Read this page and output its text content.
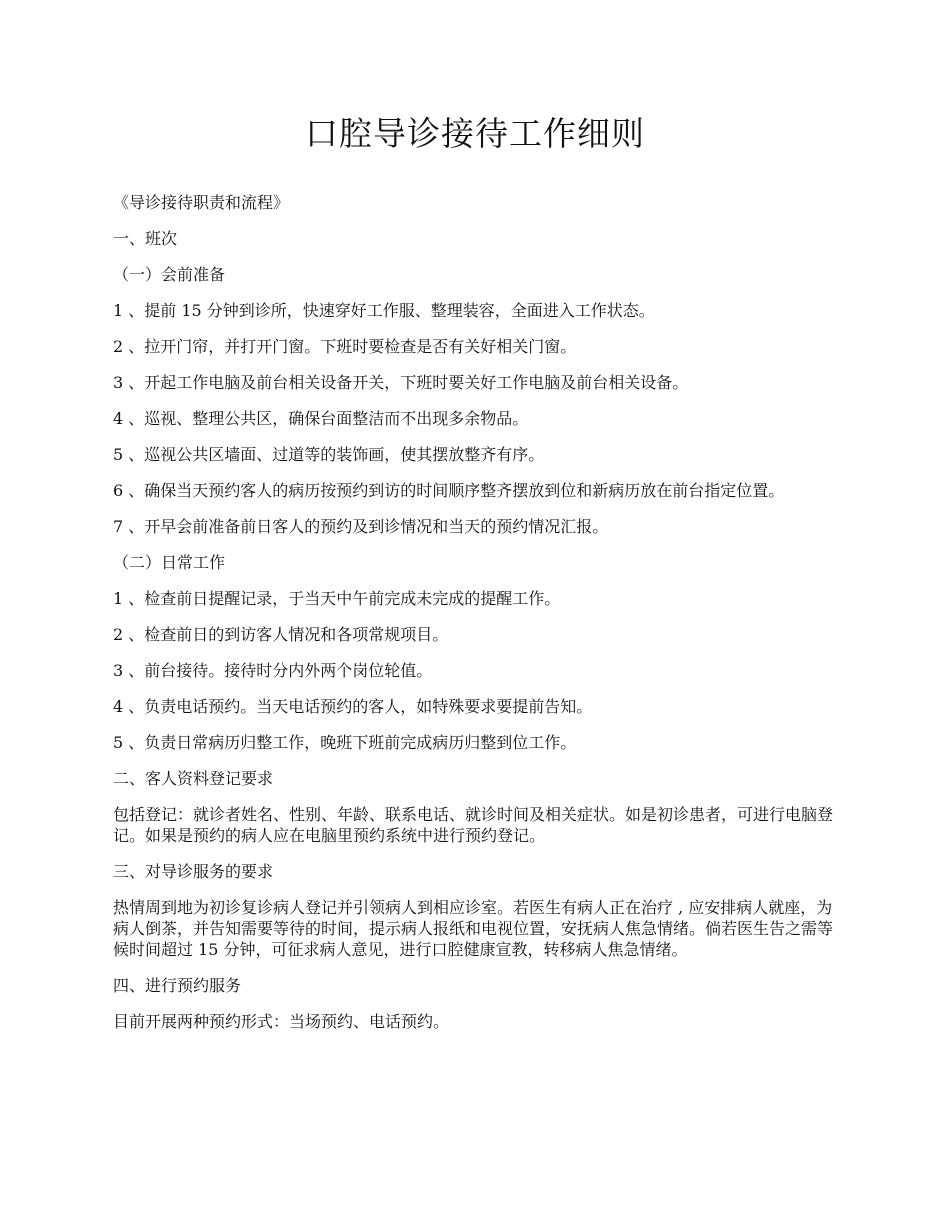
口腔导诊接待工作细则

《导诊接待职责和流程》

一、班次

（一）会前准备

1 、提前 15 分钟到诊所，快速穿好工作服、整理装容，全面进入工作状态。

2 、拉开门帘，并打开门窗。下班时要检查是否有关好相关门窗。

3 、开起工作电脑及前台相关设备开关，下班时要关好工作电脑及前台相关设备。

4 、巡视、整理公共区，确保台面整洁而不出现多余物品。

5 、巡视公共区墙面、过道等的装饰画，使其摆放整齐有序。

6 、确保当天预约客人的病历按预约到访的时间顺序整齐摆放到位和新病历放在前台指定位置。

7 、开早会前准备前日客人的预约及到诊情况和当天的预约情况汇报。

（二）日常工作

1 、检查前日提醒记录，于当天中午前完成未完成的提醒工作。

2 、检查前日的到访客人情况和各项常规项目。

3 、前台接待。接待时分内外两个岗位轮值。

4 、负责电话预约。当天电话预约的客人，如特殊要求要提前告知。

5 、负责日常病历归整工作，晚班下班前完成病历归整到位工作。

二、客人资料登记要求

包括登记：就诊者姓名、性别、年龄、联系电话、就诊时间及相关症状。如是初诊患者，可进行电脑登记。如果是预约的病人应在电脑里预约系统中进行预约登记。

三、对导诊服务的要求

热情周到地为初诊复诊病人登记并引领病人到相应诊室。若医生有病人正在治疗 , 应安排病人就座，为病人倒茶，并告知需要等待的时间，提示病人报纸和电视位置，安抚病人焦急情绪。倘若医生告之需等候时间超过 15 分钟，可征求病人意见，进行口腔健康宣教，转移病人焦急情绪。

四、进行预约服务

目前开展两种预约形式：当场预约、电话预约。
